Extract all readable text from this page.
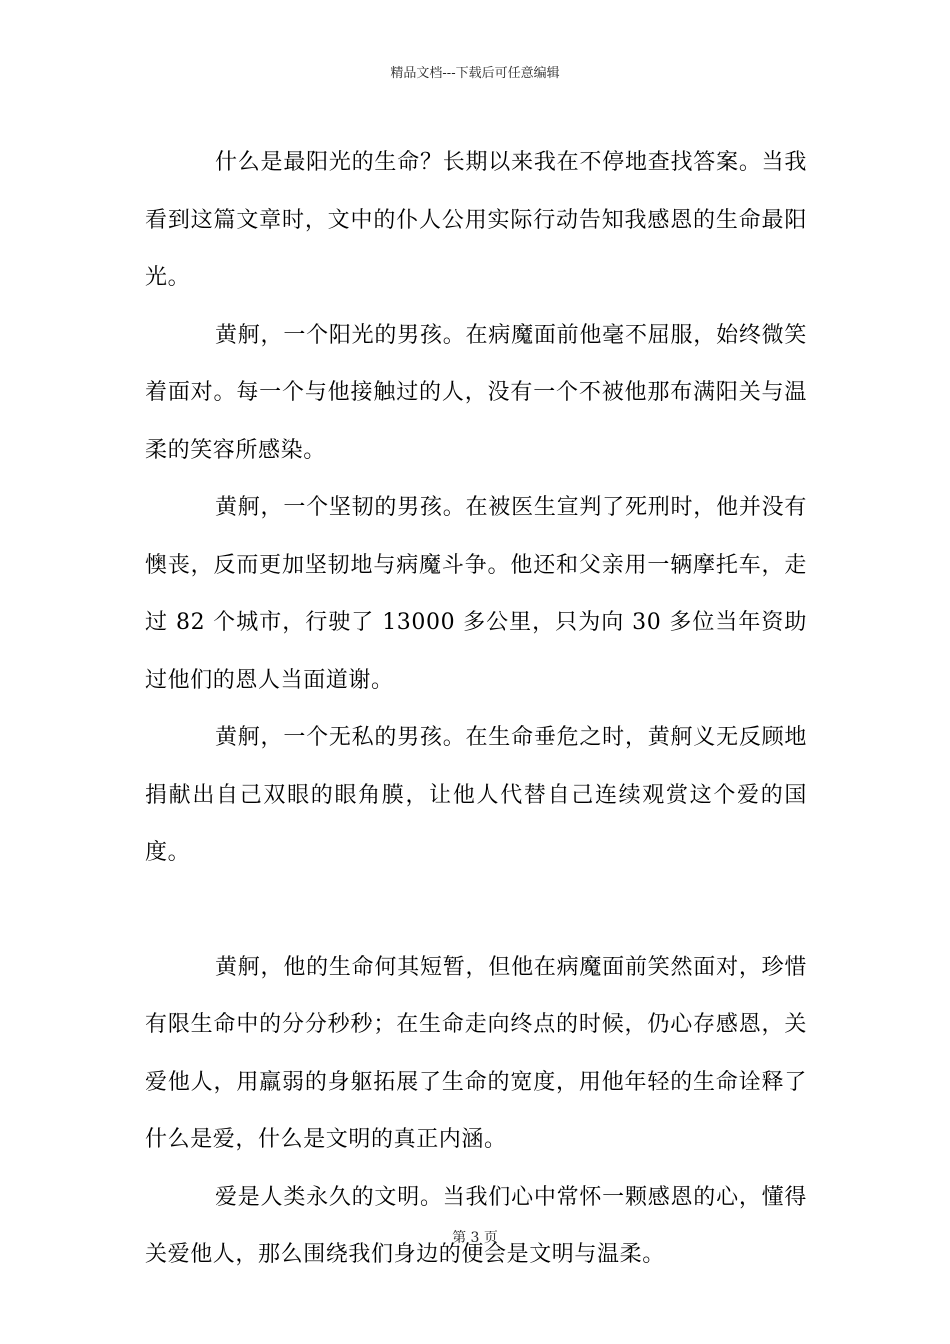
精品文档---下载后可任意编辑

什么是最阳光的生命？长期以来我在不停地查找答案。当我看到这篇文章时，文中的仆人公用实际行动告知我感恩的生命最阳光。

黄舸，一个阳光的男孩。在病魔面前他毫不屈服，始终微笑着面对。每一个与他接触过的人，没有一个不被他那布满阳关与温柔的笑容所感染。

黄舸，一个坚韧的男孩。在被医生宣判了死刑时，他并没有懊丧，反而更加坚韧地与病魔斗争。他还和父亲用一辆摩托车，走过 82 个城市，行驶了 13000 多公里，只为向 30 多位当年资助过他们的恩人当面道谢。

黄舸，一个无私的男孩。在生命垂危之时，黄舸义无反顾地捐献出自己双眼的眼角膜，让他人代替自己连续观赏这个爱的国度。

黄舸，他的生命何其短暂，但他在病魔面前笑然面对，珍惜有限生命中的分分秒秒；在生命走向终点的时候，仍心存感恩，关爱他人，用羸弱的身躯拓展了生命的宽度，用他年轻的生命诠释了什么是爱，什么是文明的真正内涵。

爱是人类永久的文明。当我们心中常怀一颗感恩的心，懂得关爱他人，那么围绕我们身边的便会是文明与温柔。

第 3 页
